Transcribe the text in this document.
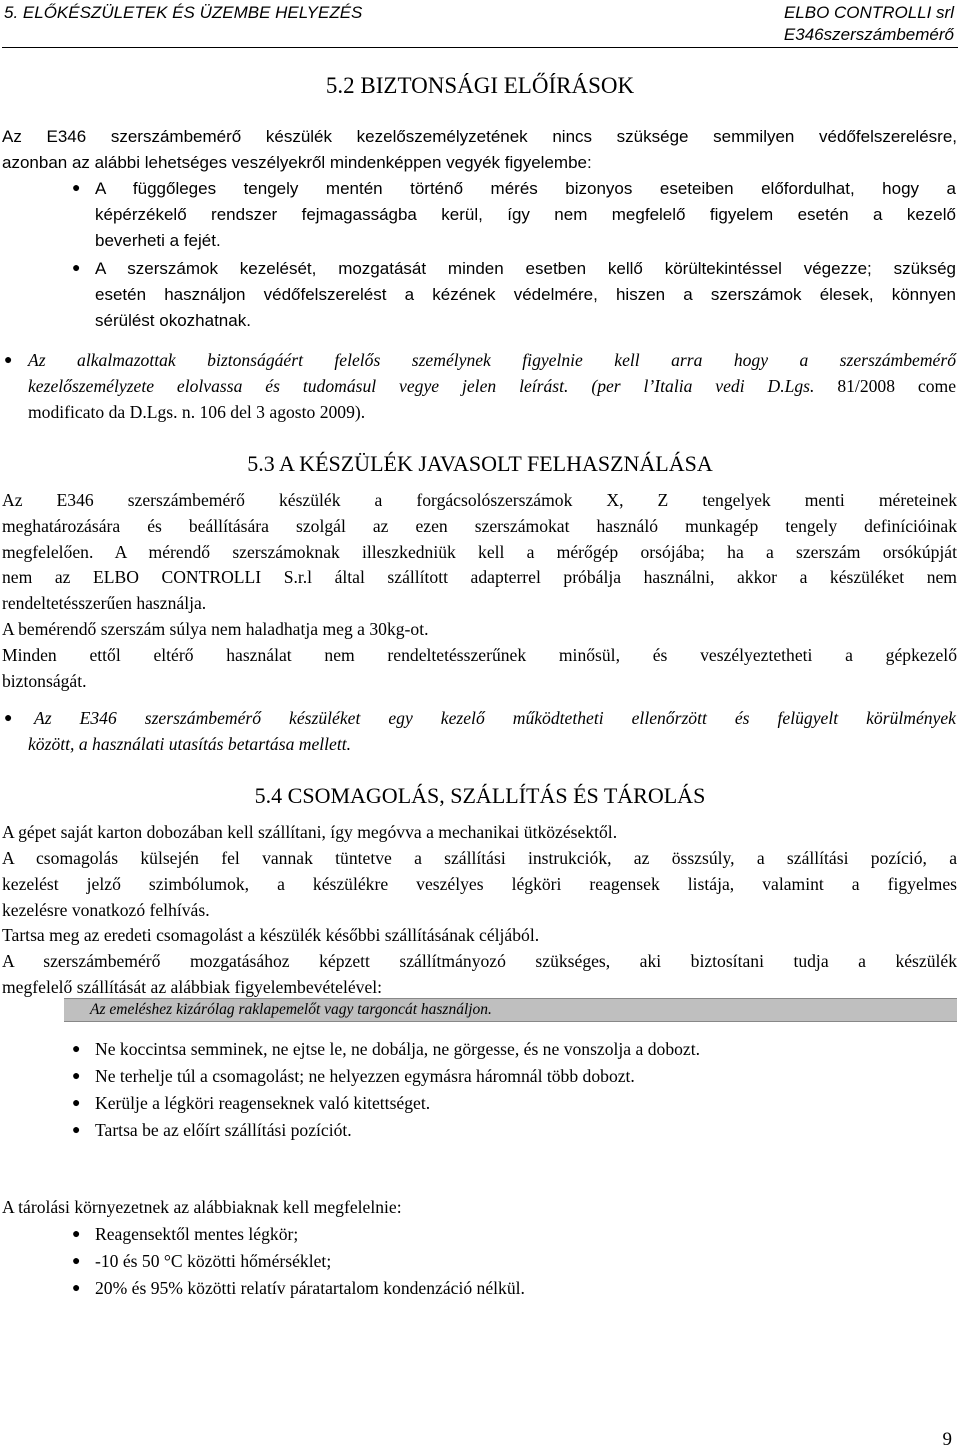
5. ELŐKÉSZÜLETEK ÉS ÜZEMBE HELYEZÉS	ELBO CONTROLLI srl
E346szerszámbemérő
5.2 BIZTONSÁGI ELŐÍRÁSOK
Az E346 szerszámbemérő készülék kezelőszemélyzetének nincs szüksége semmilyen védőfelszerelésre,
azonban az alábbi lehetséges veszélyekről mindenképpen vegyék figyelembe:
● A függőleges tengely mentén történő mérés bizonyos eseteiben előfordulhat, hogy a
képérzékelő rendszer fejmagasságba kerül, így nem megfelelő figyelem esetén a kezelő
beverheti a fejét.
● A szerszámok kezelését, mozgatását minden esetben kellő körültekintéssel végezze; szükség
esetén használjon védőfelszerelést a kézének védelmére, hiszen a szerszámok élesek, könnyen
sérülést okozhatnak.
● Az alkalmazottak biztonságáért felelős személynek figyelnie kell arra hogy a szerszámbemérő
kezelőszemélyzete elolvassa és tudomásul vegye jelen leírást. (per l’Italia vedi D.Lgs. 81/2008 come
modificato da D.Lgs. n. 106 del 3 agosto 2009).
5.3 A KÉSZÜLÉK JAVASOLT FELHASZNÁLÁSA
Az E346 szerszámbemérő készülék a forgácsolószerszámok X, Z tengelyek menti méreteinek
meghatározására és beállítására szolgál az ezen szerszámokat használó munkagép tengely definícióinak
megfelelően. A mérendő szerszámoknak illeszkedniük kell a mérőgép orsójába; ha a szerszám orsókúpját
nem az ELBO CONTROLLI S.r.l által szállított adapterrel próbálja használni, akkor a készüléket nem
rendeltetésszerűen használja.
A bemérendő szerszám súlya nem haladhatja meg a 30kg-ot.
Minden ettől eltérő használat nem rendeltetésszerűnek minősül, és veszélyeztetheti a gépkezelő
biztonságát.
●	Az E346 szerszámbemérő készüléket egy kezelő működtetheti ellenőrzött és felügyelt körülmények
között, a használati utasítás betartása mellett.
5.4 CSOMAGOLÁS, SZÁLLÍTÁS ÉS TÁROLÁS
A gépet saját karton dobozában kell szállítani, így megóvva a mechanikai ütközésektől.
A csomagolás külsején fel vannak tüntetve a szállítási instrukciók, az összsúly, a szállítási pozíció, a
kezelést jelző szimbólumok, a készülékre veszélyes légköri reagensek listája, valamint a figyelmes
kezelésre vonatkozó felhívás.
Tartsa meg az eredeti csomagolást a készülék későbbi szállításának céljából.
A szerszámbemérő mozgatásához képzett szállítmányozó szükséges, aki biztosítani tudja a készülék
megfelelő szállítását az alábbiak figyelembevételével:
Az emeléshez kizárólag raklapemelőt vagy targoncát használjon.
● Ne koccintsa semminek, ne ejtse le, ne dobálja, ne görgesse, és ne vonszolja a dobozt.
● Ne terhelje túl a csomagolást; ne helyezzen egymásra háromnál több dobozt.
● Kerülje a légköri reagenseknek való kitettséget.
● Tartsa be az előírt szállítási pozíciót.
A tárolási környezetnek az alábbiaknak kell megfelelnie:
● Reagensektől mentes légkör;
● -10 és 50 °C közötti hőmérséklet;
● 20% és 95% közötti relatív páratartalom kondenzáció nélkül.
9
